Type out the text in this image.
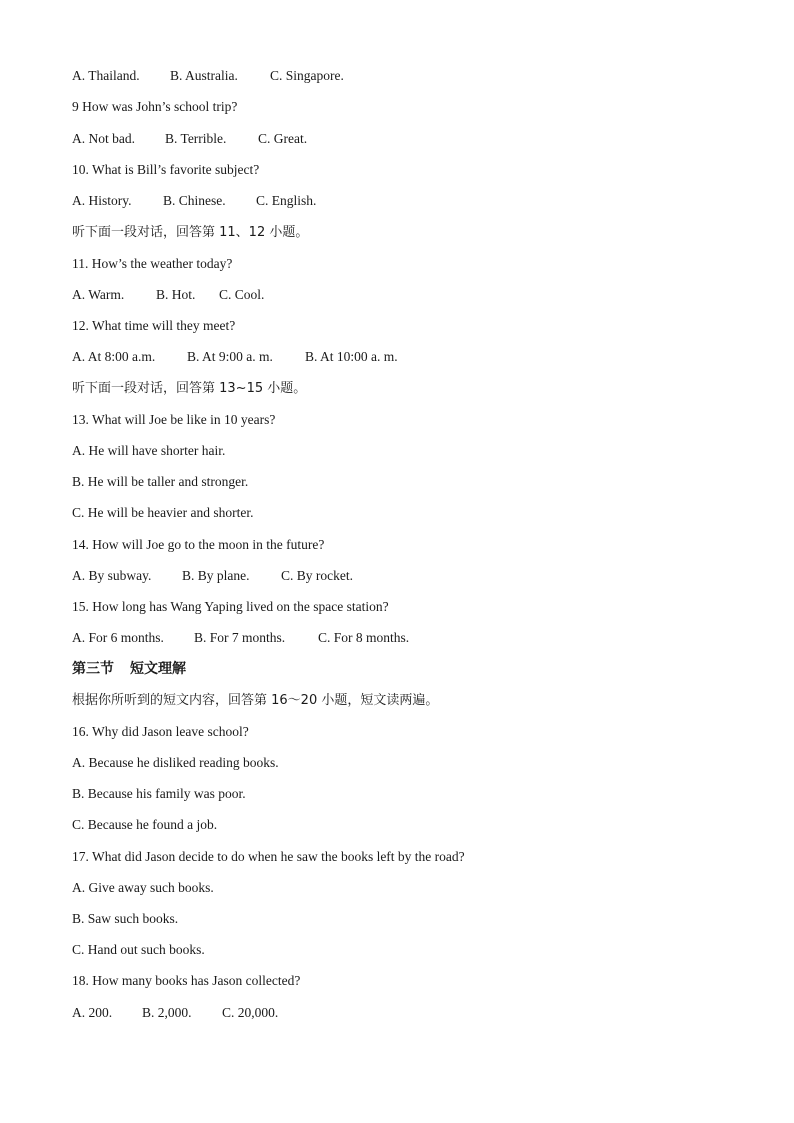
A. Thailand. B. Australia. C. Singapore.
9 How was John’s school trip?
A. Not bad. B. Terrible. C. Great.
10. What is Bill’s favorite subject?
A. History. B. Chinese. C. English.
听下面一段对话，回答第 11、12 小题。
11. How’s the weather today?
A. Warm. B. Hot. C. Cool.
12. What time will they meet?
A. At 8:00 a.m. B. At 9:00 a. m. B. At 10:00 a. m.
听下面一段对话，回答第 13~15 小题。
13. What will Joe be like in 10 years?
A. He will have shorter hair.
B. He will be taller and stronger.
C. He will be heavier and shorter.
14. How will Joe go to the moon in the future?
A. By subway. B. By plane. C. By rocket.
15. How long has Wang Yaping lived on the space station?
A. For 6 months. B. For 7 months. C. For 8 months.
第三节 短文理解
根据你所听到的短文内容，回答第 16～20 小题，短文读两遍。
16. Why did Jason leave school?
A. Because he disliked reading books.
B. Because his family was poor.
C. Because he found a job.
17. What did Jason decide to do when he saw the books left by the road?
A. Give away such books.
B. Saw such books.
C. Hand out such books.
18. How many books has Jason collected?
A. 200. B. 2,000. C. 20,000.
